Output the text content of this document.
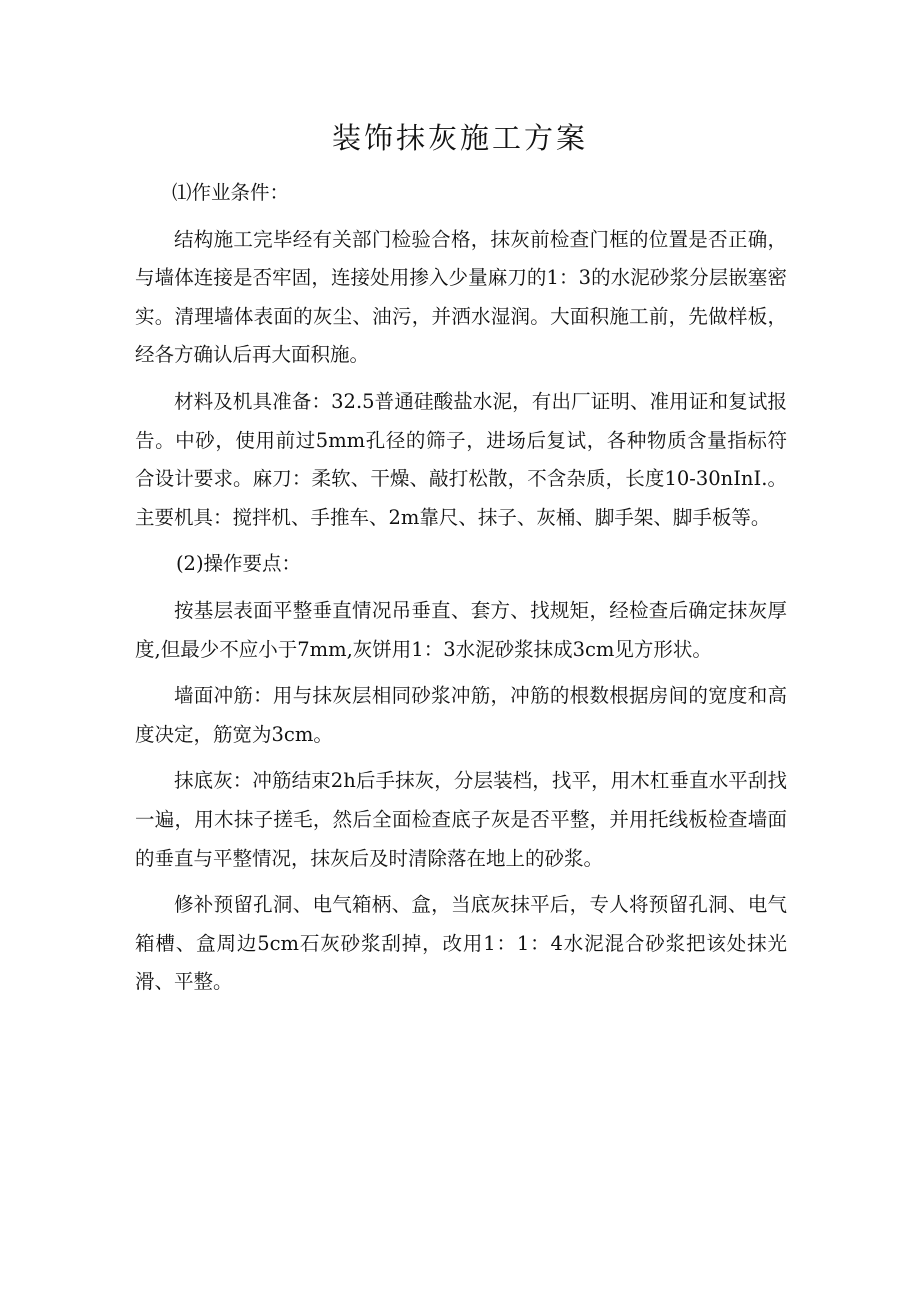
装饰抹灰施工方案

⑴作业条件：

结构施工完毕经有关部门检验合格，抹灰前检查门框的位置是否正确，与墙体连接是否牢固，连接处用掺入少量麻刀的1：3的水泥砂浆分层嵌塞密实。清理墙体表面的灰尘、油污，并洒水湿润。大面积施工前，先做样板，经各方确认后再大面积施。

材料及机具准备：32.5普通硅酸盐水泥，有出厂证明、准用证和复试报告。中砂，使用前过5mm孔径的筛子，进场后复试，各种物质含量指标符合设计要求。麻刀：柔软、干燥、敲打松散，不含杂质，长度10-30nInI.。主要机具：搅拌机、手推车、2m靠尺、抹子、灰桶、脚手架、脚手板等。

(2)操作要点：

按基层表面平整垂直情况吊垂直、套方、找规矩，经检查后确定抹灰厚度,但最少不应小于7mm,灰饼用1：3水泥砂浆抹成3cm见方形状。

墙面冲筋：用与抹灰层相同砂浆冲筋，冲筋的根数根据房间的宽度和高度决定，筋宽为3cm。

抹底灰：冲筋结束2h后手抹灰，分层装档，找平，用木杠垂直水平刮找一遍，用木抹子搓毛，然后全面检查底子灰是否平整，并用托线板检查墙面的垂直与平整情况，抹灰后及时清除落在地上的砂浆。

修补预留孔洞、电气箱柄、盒，当底灰抹平后，专人将预留孔洞、电气箱槽、盒周边5cm石灰砂浆刮掉，改用1：1：4水泥混合砂浆把该处抹光滑、平整。
